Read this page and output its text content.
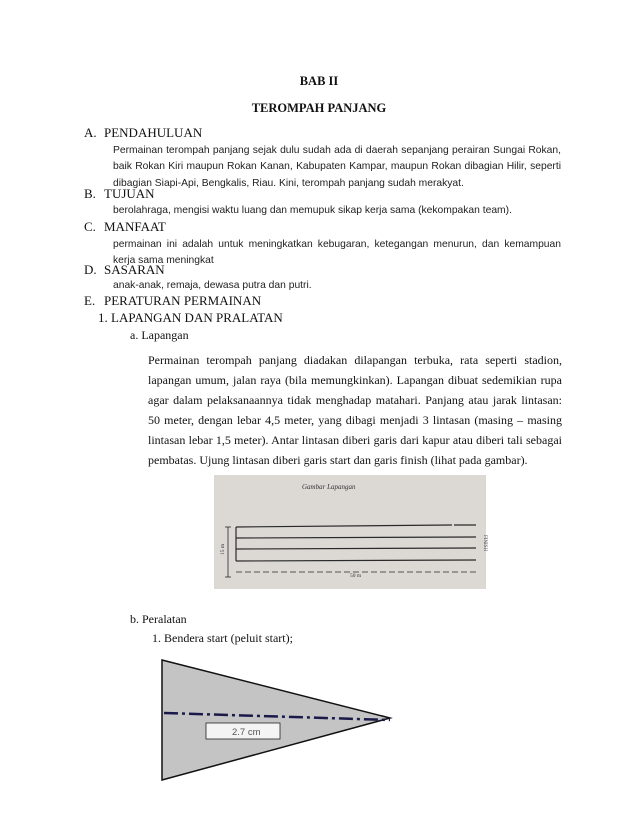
BAB II
TEROMPAH PANJANG
A. PENDAHULUAN
Permainan terompah panjang sejak dulu sudah ada di daerah sepanjang perairan Sungai Rokan, baik Rokan Kiri maupun Rokan Kanan, Kabupaten Kampar, maupun Rokan dibagian Hilir, seperti dibagian Siapi-Api, Bengkalis, Riau. Kini, terompah panjang sudah merakyat.
B. TUJUAN
berolahraga, mengisi waktu luang dan memupuk sikap kerja sama (kekompakan team).
C. MANFAAT
permainan ini adalah untuk meningkatkan kebugaran, ketegangan menurun, dan kemampuan kerja sama meningkat
D. SASARAN
anak-anak, remaja, dewasa putra dan putri.
E. PERATURAN PERMAINAN
1. LAPANGAN DAN PRALATAN
a. Lapangan
Permainan terompah panjang diadakan dilapangan terbuka, rata seperti stadion, lapangan umum, jalan raya (bila memungkinkan). Lapangan dibuat sedemikian rupa agar dalam pelaksanaannya tidak menghadap matahari. Panjang atau jarak lintasan: 50 meter, dengan lebar 4,5 meter, yang dibagi menjadi 3 lintasan (masing – masing lintasan lebar 1,5 meter). Antar lintasan diberi garis dari kapur atau diberi tali sebagai pembatas. Ujung lintasan diberi garis start dan garis finish (lihat pada gambar).
Gambar Lapangan
15 m
50 m
FINISH
b. Peralatan
1. Bendera start (peluit start);
2.7 cm
